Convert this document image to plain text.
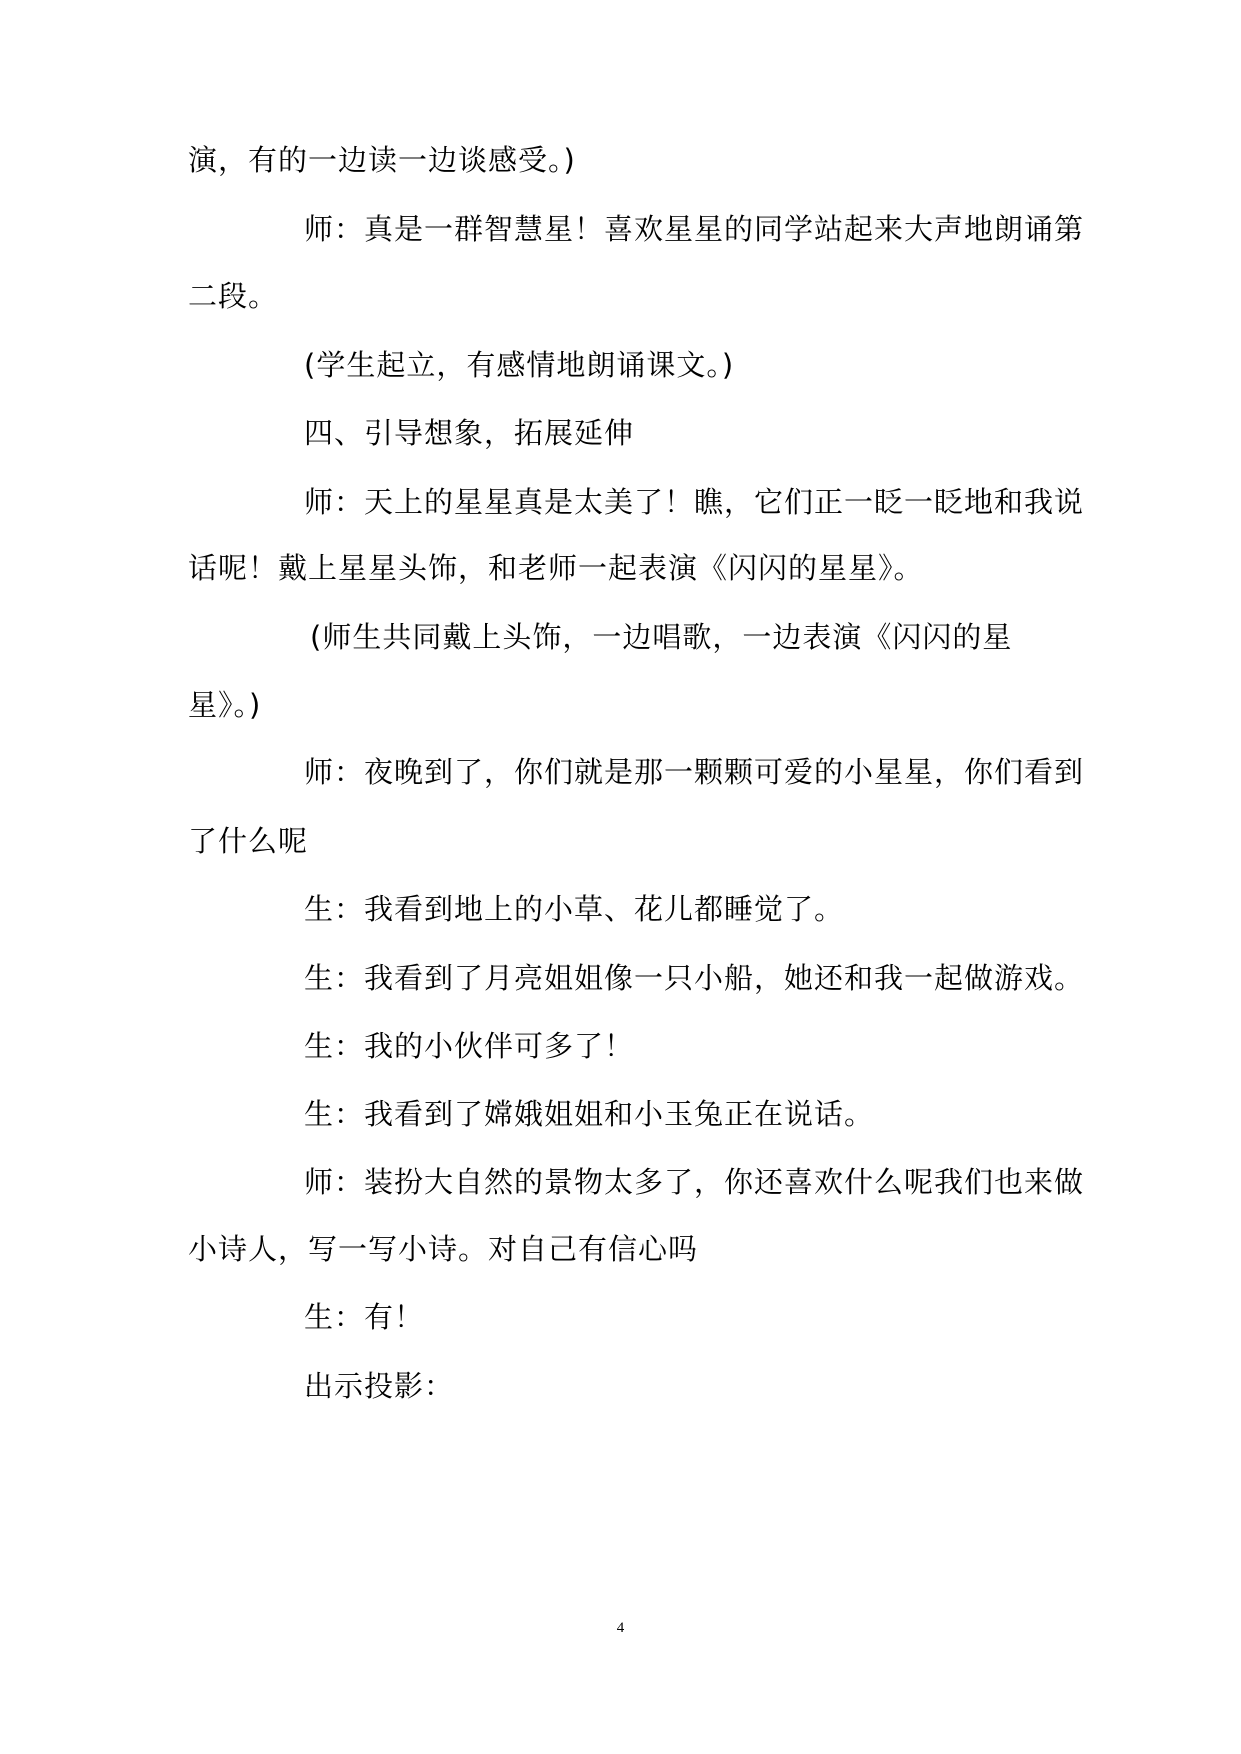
演，有的一边读一边谈感受。)
师：真是一群智慧星！喜欢星星的同学站起来大声地朗诵第
二段。
(学生起立，有感情地朗诵课文。)
四、引导想象，拓展延伸
师：天上的星星真是太美了！瞧，它们正一眨一眨地和我说
话呢！戴上星星头饰，和老师一起表演《闪闪的星星》。
(师生共同戴上头饰，一边唱歌，一边表演《闪闪的星
星》。)
师：夜晚到了，你们就是那一颗颗可爱的小星星，你们看到
了什么呢
生：我看到地上的小草、花儿都睡觉了。
生：我看到了月亮姐姐像一只小船，她还和我一起做游戏。
生：我的小伙伴可多了！
生：我看到了嫦娥姐姐和小玉兔正在说话。
师：装扮大自然的景物太多了，你还喜欢什么呢我们也来做
小诗人，写一写小诗。对自己有信心吗
生：有！
出示投影：
4
